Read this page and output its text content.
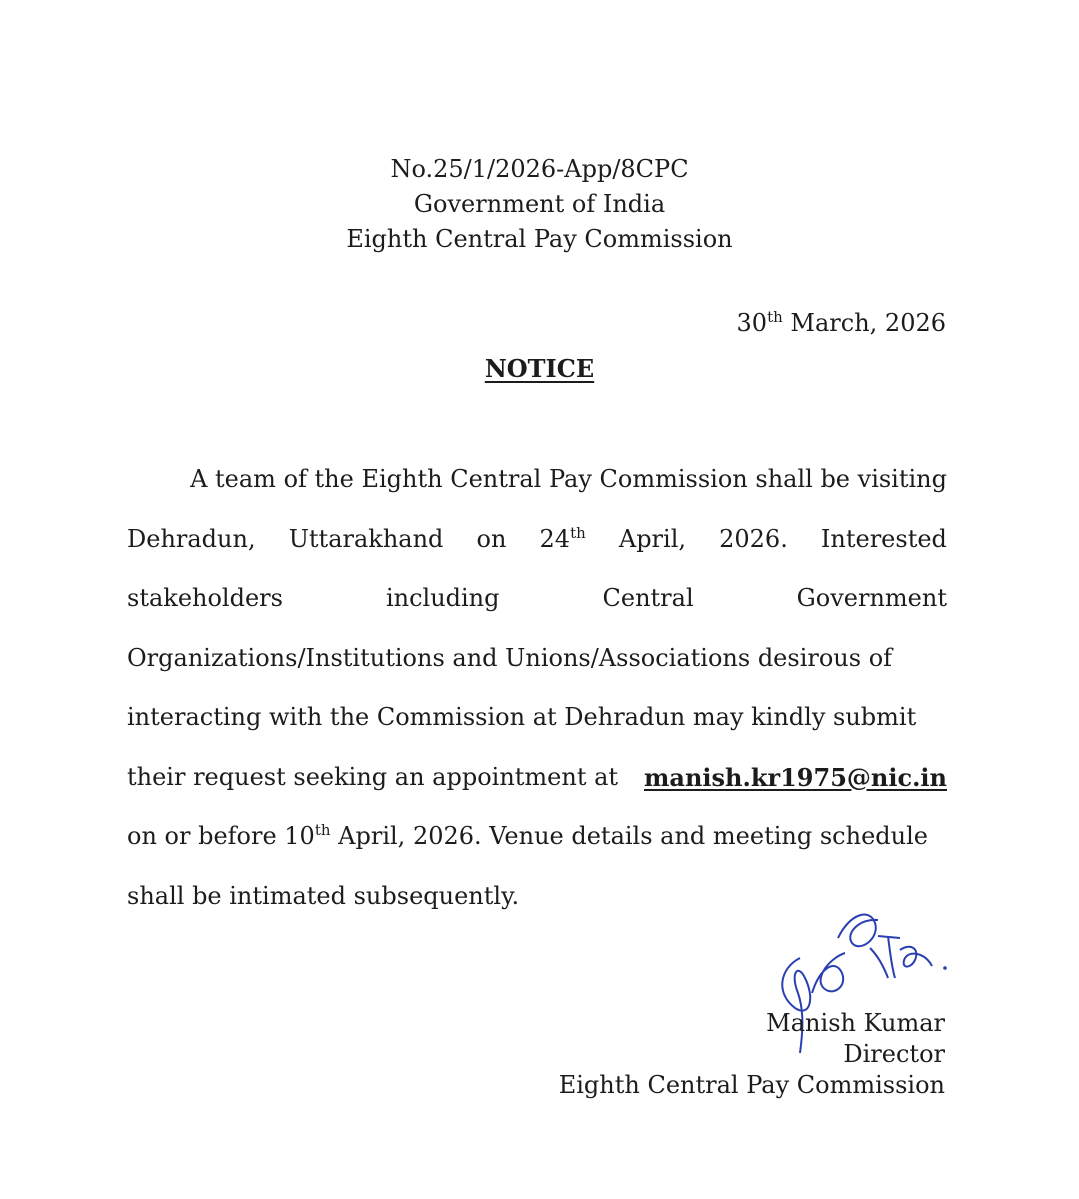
No.25/1/2026-App/8CPC
Government of India
Eighth Central Pay Commission
30th March, 2026
NOTICE
A team of the Eighth Central Pay Commission shall be visiting
Dehradun, Uttarakhand on 24th April, 2026. Interested
stakeholders	including	Central	Government
Organizations/Institutions and Unions/Associations desirous of
interacting with the Commission at Dehradun may kindly submit
their request seeking an appointment at manish.kr1975@nic.in
on or before 10th April, 2026. Venue details and meeting schedule
shall be intimated subsequently.
Manish Kumar
Director
Eighth Central Pay Commission
